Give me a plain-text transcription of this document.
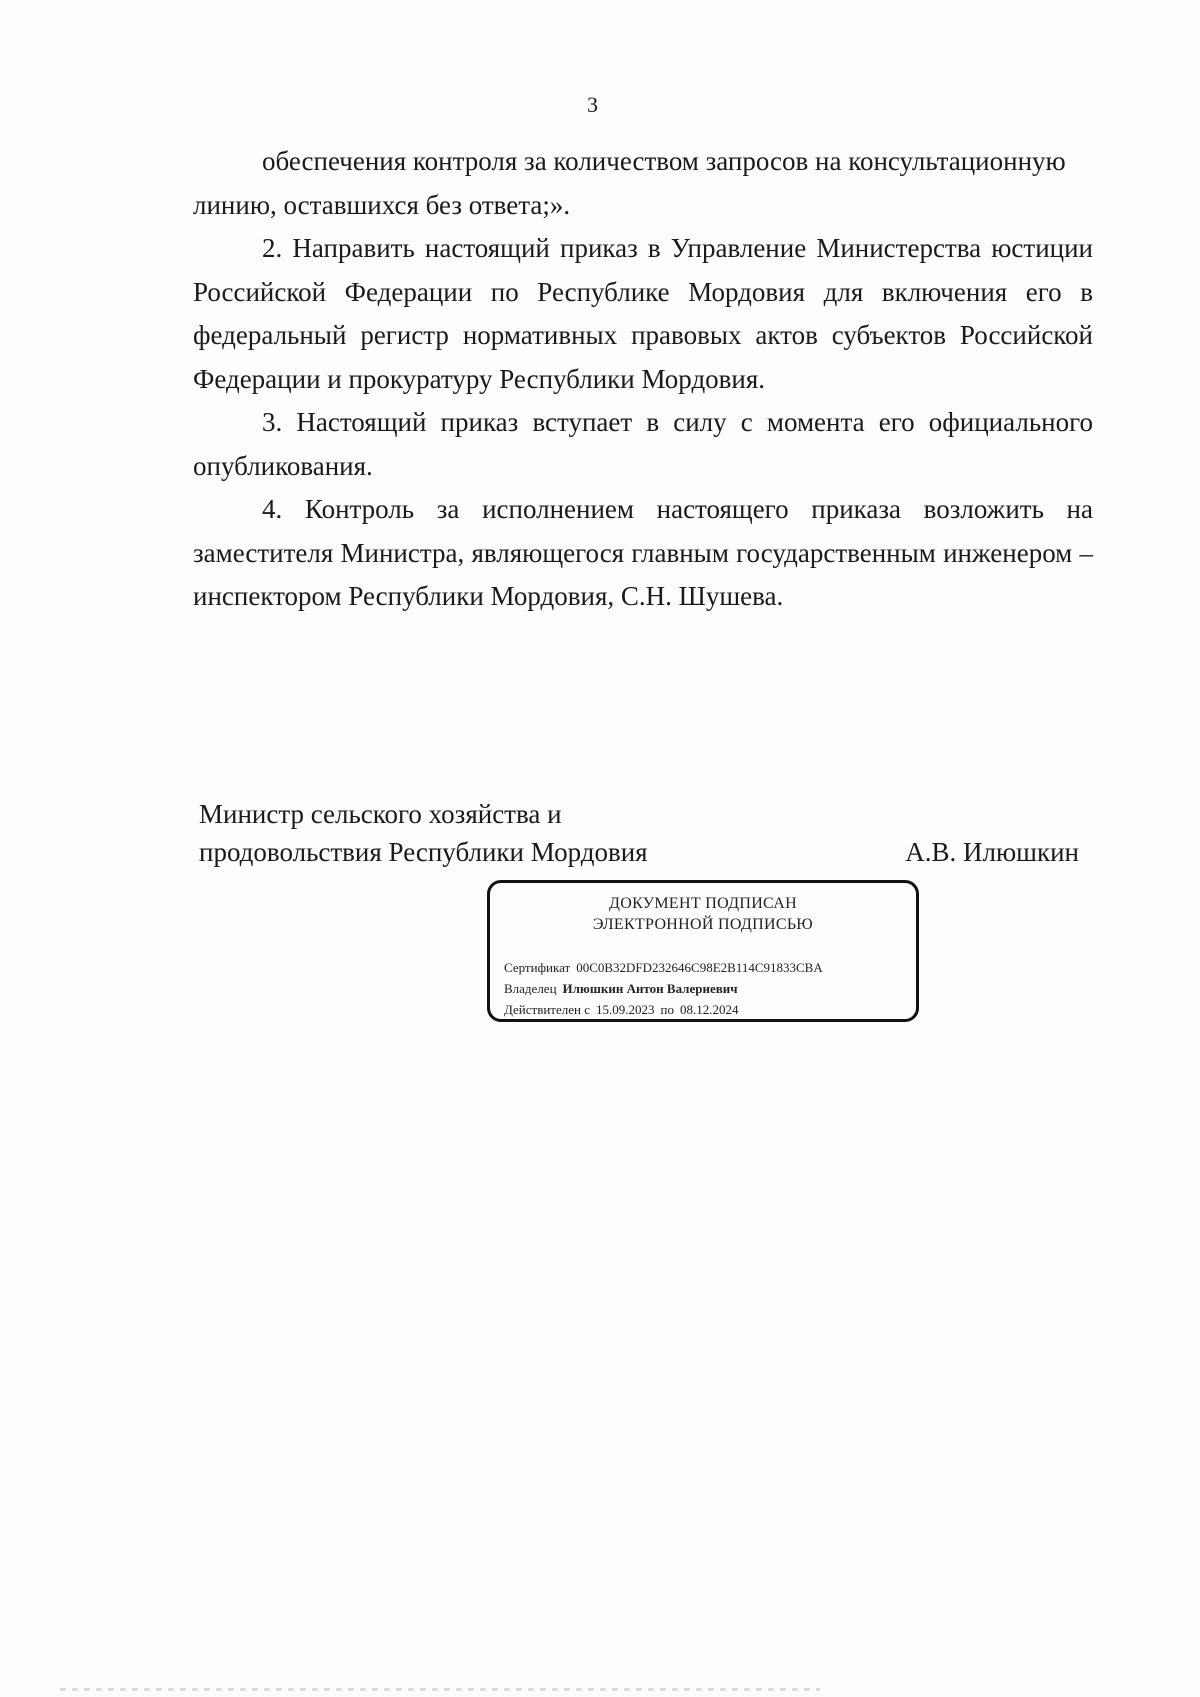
3

обеспечения контроля за количеством запросов на консультационную

линию, оставшихся без ответа;».

2. Направить настоящий приказ в Управление Министерства юстиции Российской Федерации по Республике Мордовия для включения его в федеральный регистр нормативных правовых актов субъектов Российской Федерации и прокуратуру Республики Мордовия.

3. Настоящий приказ вступает в силу с момента его официального опубликования.

4. Контроль за исполнением настоящего приказа возложить на заместителя Министра, являющегося главным государственным инженером – инспектором Республики Мордовия, С.Н. Шушева.

Министр сельского хозяйства и
продовольствия Республики Мордовия	А.В. Илюшкин
ДОКУМЕНТ ПОДПИСАН
ЭЛЕКТРОННОЙ ПОДПИСЬЮ
Сертификат 00C0B32DFD232646C98E2B114C91833CBA
Владелец Илюшкин Антон Валериевич
Действителен с 15.09.2023 по 08.12.2024
